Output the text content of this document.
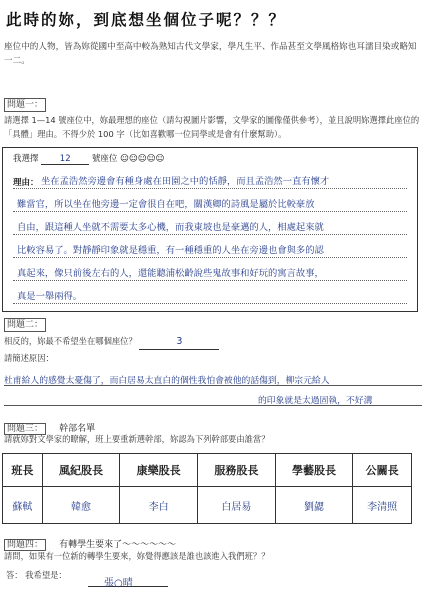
此時的妳，到底想坐個位子呢？？？
座位中的人物，皆為妳從國中至高中較為熟知古代文學家，學凡生平、作品甚至文學風格妳也耳濡目染或略知一二。
問題一：
請選擇 1—14 號座位中，妳最理想的座位（請勾視圖片影響，文學家的圖像僅供參考），並且說明妳選擇此座位的「具體」理由。不得少於 100 字（比如喜歡哪一位同學或是會有什麼幫助）。
我選擇	12	號座位 ☺☺☺☺☺
理由： 坐在孟浩然旁邊會有種身處在田園之中的恬靜，而且孟浩然一直有懷才
難當官，所以坐在他旁邊一定會很自在吧，關漢卿的詩風是屬於比較豪放
自由，跟這種人坐就不需要太多心機，而我東坡也是豪邁的人，相處起來就
比較容易了。對靜靜印象就是穩重，有一種穩重的人坐在旁邊也會與多的認
真起來，像只前後左右的人，還能聽浦松齡說些鬼故事和好玩的寓言故事，
真是一舉兩得。
問題二：
相反的，妳最不希望坐在哪個座位？	3
請簡述原因：
杜甫給人的感覺太憂傷了，而白居易太直白的個性我怕會被他的話傷到，柳宗元給人
的印象就是太過固執，不好溝
問題三： 幹部名單
請就妳對文學家的瞭解，班上要重新選幹部，妳認為下列幹部要由誰當？
班長	風紀股長	康樂股長	服務股長	學藝股長	公關長
蘇軾	韓愈	李白	白居易	劉勰	李清照
問題四： 有轉學生要來了～～～～～～
請問，如果有一位新的轉學生要來，妳覺得應該是誰也該進入我們班？？
答： 我希望是：
張○晴
